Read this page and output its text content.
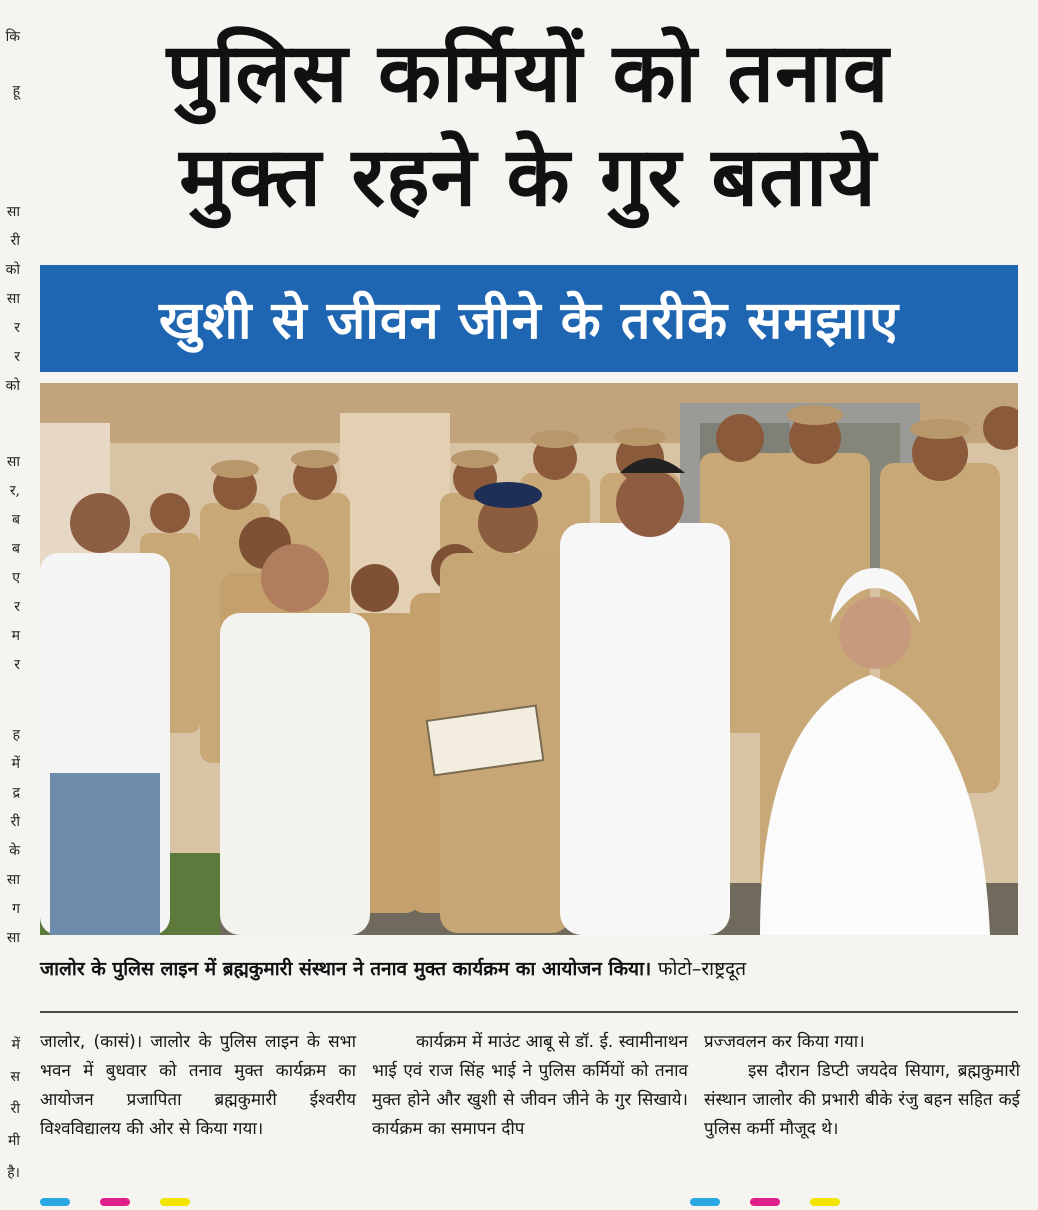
कि
हू
सा
री
को
सा
र
र
को
सा
र,
ब
ब
ए
र
म
र
ह
में
द्र
री
के
सा
ग
सा
में
स
री
मी
है।
पुलिस कर्मियों को तनाव
मुक्त रहने के गुर बताये
खुशी से जीवन जीने के तरीके समझाए
जालोर के पुलिस लाइन में ब्रह्मकुमारी संस्थान ने तनाव मुक्त कार्यक्रम का आयोजन किया। फोटो–राष्ट्रदूत

जालोर, (कासं)। जालोर के पुलिस लाइन के सभा भवन में बुधवार को तनाव मुक्त कार्यक्रम का आयोजन प्रजापिता ब्रह्मकुमारी ईश्वरीय विश्वविद्यालय की ओर से किया गया।

कार्यक्रम में माउंट आबू से डॉ. ई. स्वामीनाथन भाई एवं राज सिंह भाई ने पुलिस कर्मियों को तनाव मुक्त होने और खुशी से जीवन जीने के गुर सिखाये। कार्यक्रम का समापन दीप

प्रज्जवलन कर किया गया।

इस दौरान डिप्टी जयदेव सियाग, ब्रह्मकुमारी संस्थान जालोर की प्रभारी बीके रंजु बहन सहित कई पुलिस कर्मी मौजूद थे।
